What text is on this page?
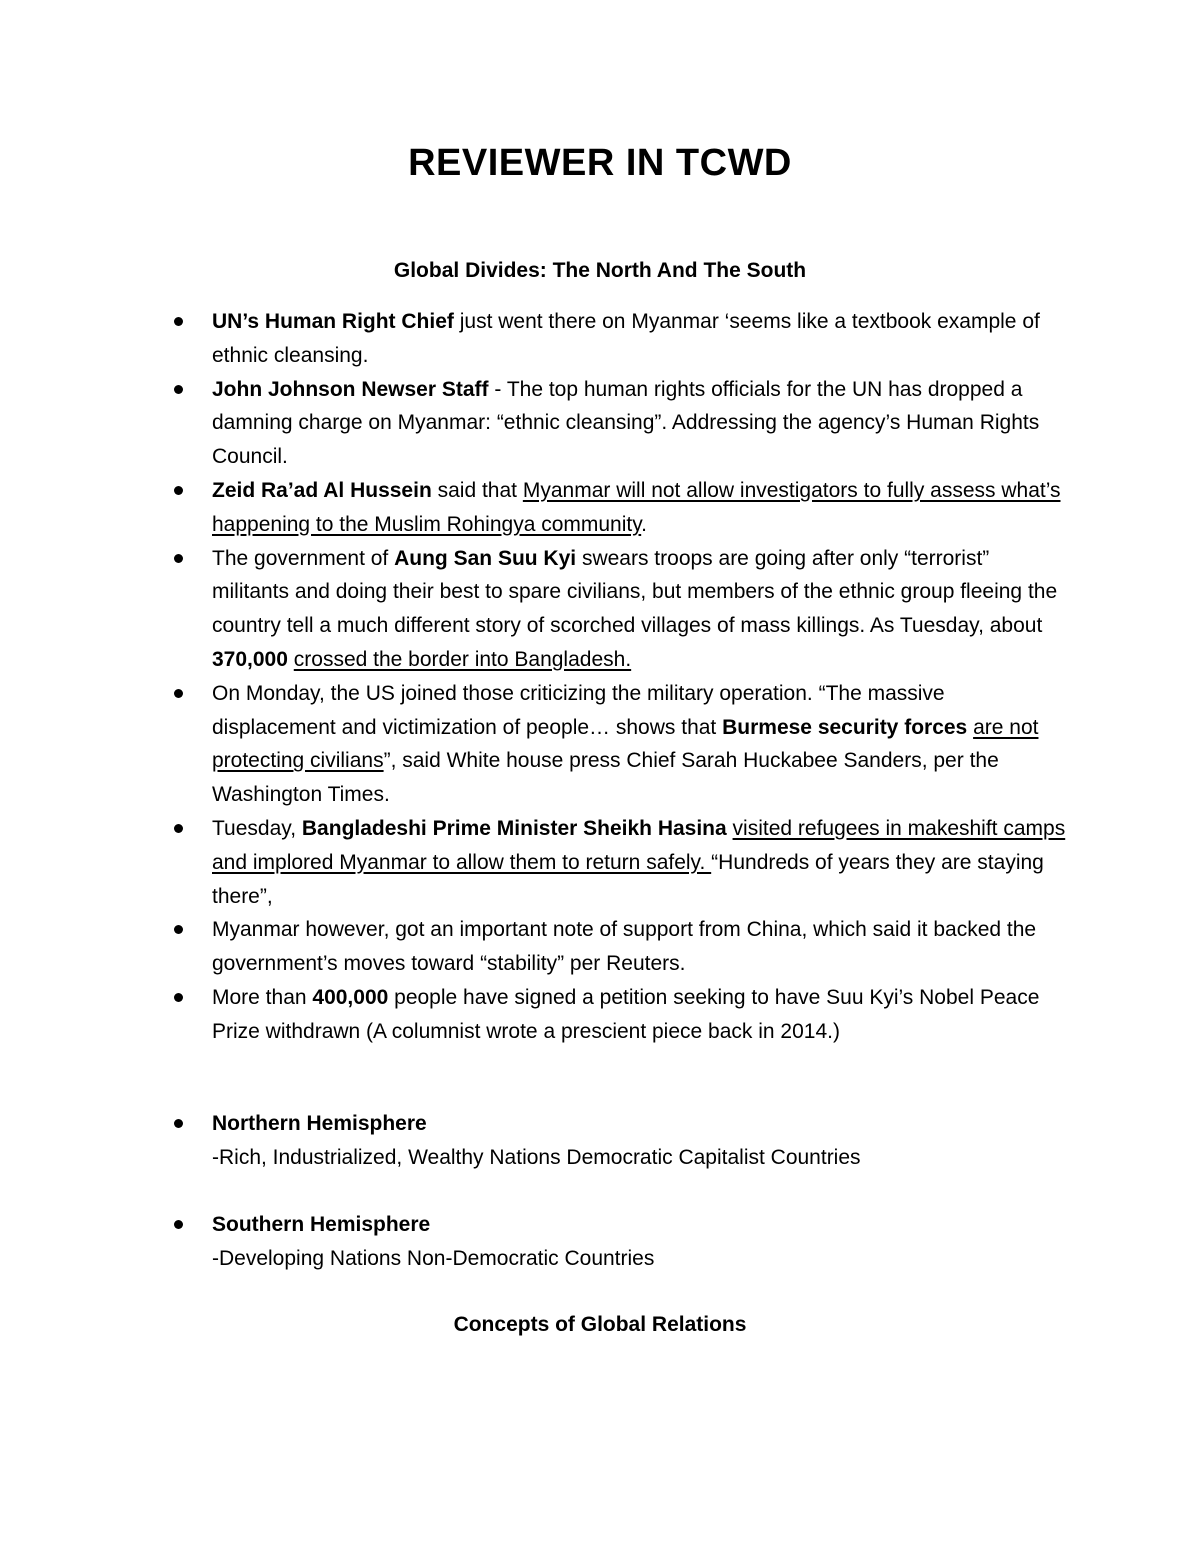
REVIEWER IN TCWD
Global Divides: The North And The South
UN’s Human Right Chief just went there on Myanmar ‘seems like a textbook example of ethnic cleansing.
John Johnson Newser Staff - The top human rights officials for the UN has dropped a damning charge on Myanmar: “ethnic cleansing”. Addressing the agency’s Human Rights Council.
Zeid Ra’ad Al Hussein said that Myanmar will not allow investigators to fully assess what’s happening to the Muslim Rohingya community.
The government of Aung San Suu Kyi swears troops are going after only “terrorist” militants and doing their best to spare civilians, but members of the ethnic group fleeing the country tell a much different story of scorched villages of mass killings. As Tuesday, about 370,000 crossed the border into Bangladesh.
On Monday, the US joined those criticizing the military operation. “The massive displacement and victimization of people… shows that Burmese security forces are not protecting civilians”, said White house press Chief Sarah Huckabee Sanders, per the Washington Times.
Tuesday, Bangladeshi Prime Minister Sheikh Hasina visited refugees in makeshift camps and implored Myanmar to allow them to return safely. “Hundreds of years they are staying there”,
Myanmar however, got an important note of support from China, which said it backed the government’s moves toward “stability” per Reuters.
More than 400,000 people have signed a petition seeking to have Suu Kyi’s Nobel Peace Prize withdrawn (A columnist wrote a prescient piece back in 2014.)
Northern Hemisphere
-Rich, Industrialized, Wealthy Nations Democratic Capitalist Countries
Southern Hemisphere
-Developing Nations Non-Democratic Countries
Concepts of Global Relations
